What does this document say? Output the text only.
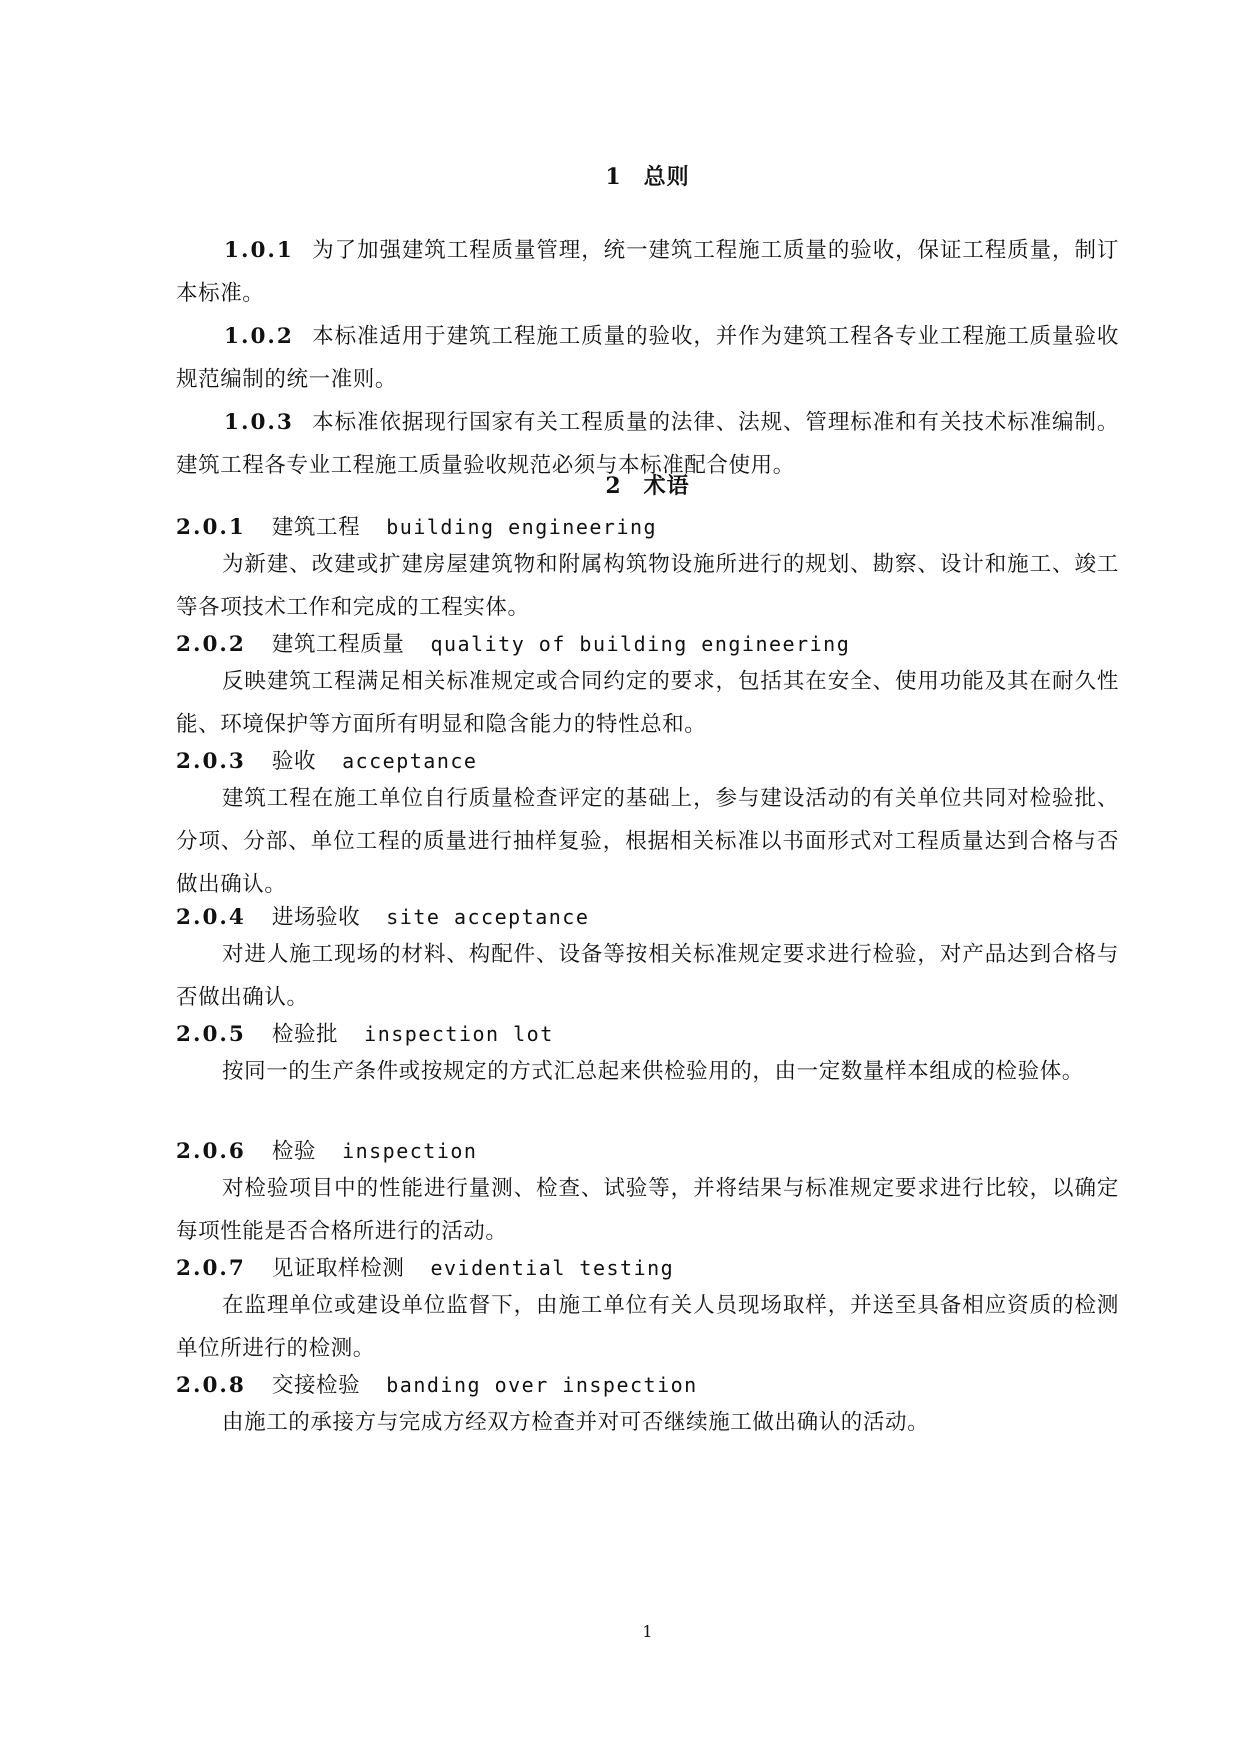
1 总则

1.0.1 为了加强建筑工程质量管理，统一建筑工程施工质量的验收，保证工程质量，制订本标准。

1.0.2 本标准适用于建筑工程施工质量的验收，并作为建筑工程各专业工程施工质量验收规范编制的统一准则。

1.0.3 本标准依据现行国家有关工程质量的法律、法规、管理标准和有关技术标准编制。建筑工程各专业工程施工质量验收规范必须与本标准配合使用。

2 术语
2.0.1 建筑工程 building engineering

为新建、改建或扩建房屋建筑物和附属构筑物设施所进行的规划、勘察、设计和施工、竣工等各项技术工作和完成的工程实体。

2.0.2 建筑工程质量 quality of building engineering

反映建筑工程满足相关标准规定或合同约定的要求，包括其在安全、使用功能及其在耐久性能、环境保护等方面所有明显和隐含能力的特性总和。

2.0.3 验收 acceptance

建筑工程在施工单位自行质量检查评定的基础上，参与建设活动的有关单位共同对检验批、分项、分部、单位工程的质量进行抽样复验，根据相关标准以书面形式对工程质量达到合格与否做出确认。

2.0.4 进场验收 site acceptance

对进人施工现场的材料、构配件、设备等按相关标准规定要求进行检验，对产品达到合格与否做出确认。

2.0.5 检验批 inspection lot

按同一的生产条件或按规定的方式汇总起来供检验用的，由一定数量样本组成的检验体。

2.0.6 检验 inspection

对检验项目中的性能进行量测、检查、试验等，并将结果与标准规定要求进行比较，以确定每项性能是否合格所进行的活动。

2.0.7 见证取样检测 evidential testing

在监理单位或建设单位监督下，由施工单位有关人员现场取样，并送至具备相应资质的检测单位所进行的检测。

2.0.8 交接检验 banding over inspection

由施工的承接方与完成方经双方检查并对可否继续施工做出确认的活动。

1
